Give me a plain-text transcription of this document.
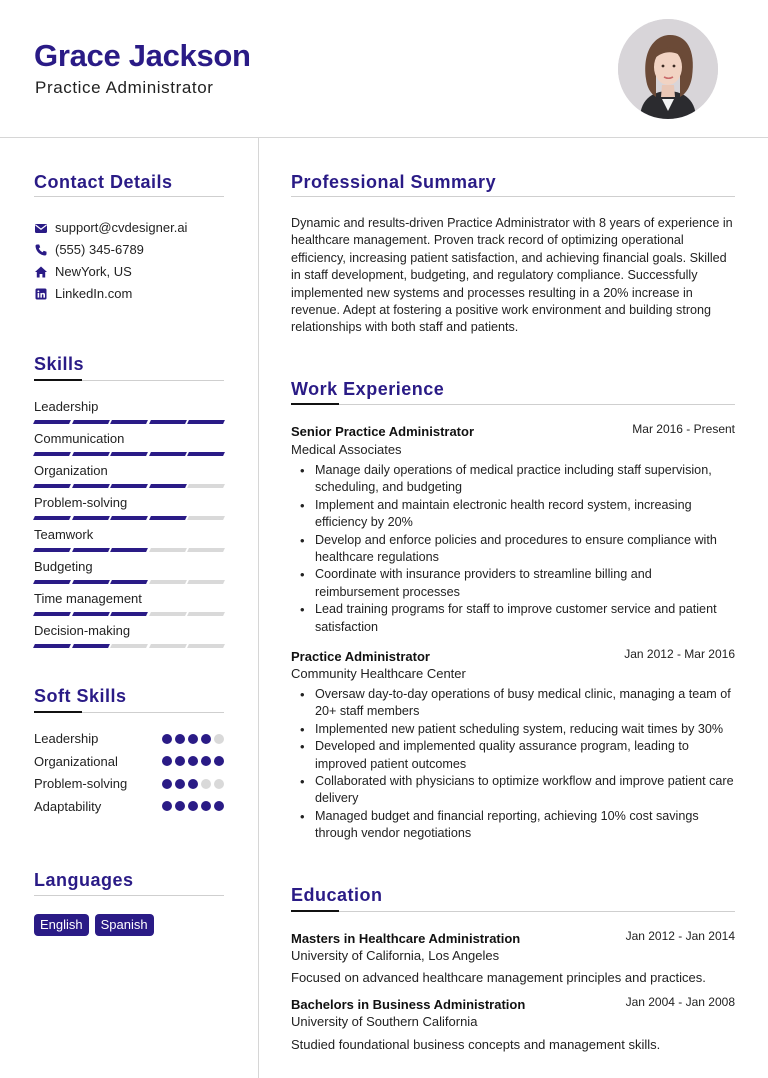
Grace Jackson
Practice Administrator
Contact Details
support@cvdesigner.ai
(555) 345-6789
NewYork, US
LinkedIn.com
Skills
Leadership
Communication
Organization
Problem-solving
Teamwork
Budgeting
Time management
Decision-making
Soft Skills
Leadership
Organizational
Problem-solving
Adaptability
Languages
English	Spanish
Professional Summary
Dynamic and results-driven Practice Administrator with 8 years of experience in healthcare management. Proven track record of optimizing operational efficiency, increasing patient satisfaction, and achieving financial goals. Skilled in staff development, budgeting, and regulatory compliance. Successfully implemented new systems and processes resulting in a 20% increase in revenue. Adept at fostering a positive work environment and building strong relationships with both staff and patients.
Work Experience
Senior Practice Administrator	Mar 2016 - Present
Medical Associates
• Manage daily operations of medical practice including staff supervision, scheduling, and budgeting
• Implement and maintain electronic health record system, increasing efficiency by 20%
• Develop and enforce policies and procedures to ensure compliance with healthcare regulations
• Coordinate with insurance providers to streamline billing and reimbursement processes
• Lead training programs for staff to improve customer service and patient satisfaction
Practice Administrator	Jan 2012 - Mar 2016
Community Healthcare Center
• Oversaw day-to-day operations of busy medical clinic, managing a team of 20+ staff members
• Implemented new patient scheduling system, reducing wait times by 30%
• Developed and implemented quality assurance program, leading to improved patient outcomes
• Collaborated with physicians to optimize workflow and improve patient care delivery
• Managed budget and financial reporting, achieving 10% cost savings through vendor negotiations
Education
Masters in Healthcare Administration	Jan 2012 - Jan 2014
University of California, Los Angeles
Focused on advanced healthcare management principles and practices.
Bachelors in Business Administration	Jan 2004 - Jan 2008
University of Southern California
Studied foundational business concepts and management skills.
